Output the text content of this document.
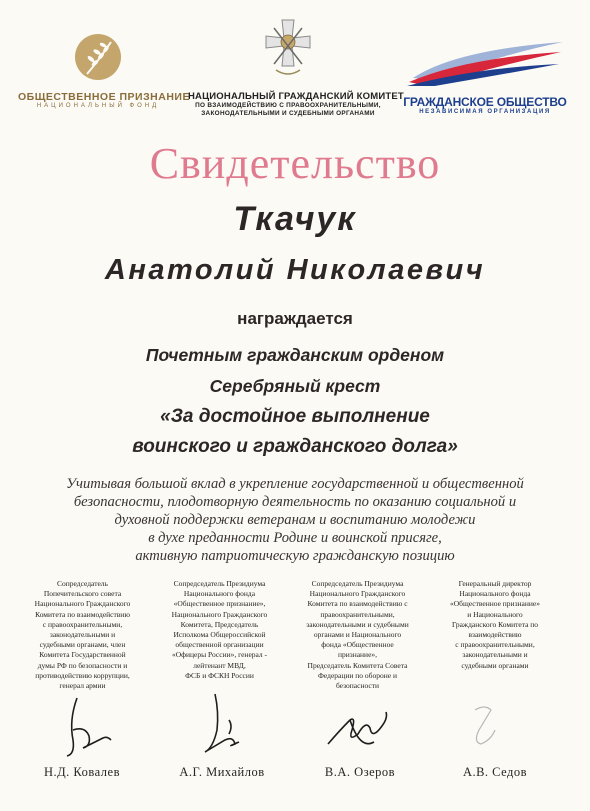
ОБЩЕСТВЕННОЕ ПРИЗНАНИЕ
НАЦИОНАЛЬНЫЙ ФОНД
НАЦИОНАЛЬНЫЙ ГРАЖДАНСКИЙ КОМИТЕТ
ПО ВЗАИМОДЕЙСТВИЮ С ПРАВООХРАНИТЕЛЬНЫМИ,
ЗАКОНОДАТЕЛЬНЫМИ И СУДЕБНЫМИ ОРГАНАМИ
ГРАЖДАНСКОЕ ОБЩЕСТВО
НЕЗАВИСИМАЯ ОРГАНИЗАЦИЯ
Свидетельство
Ткачук
Анатолий Николаевич
награждается
Почетным гражданским орденом
Серебряный крест
«За достойное выполнение
воинского и гражданского долга»
Учитывая большой вклад в укрепление государственной и общественной
безопасности, плодотворную деятельность по оказанию социальной и
духовной поддержки ветеранам и воспитанию молодежи
в духе преданности Родине и воинской присяге,
активную патриотическую гражданскую позицию
Сопредседатель
Попечительского совета
Национального Гражданского
Комитета по взаимодействию
с правоохранительными,
законодательными и
судебными органами, член
Комитета Государственной
думы РФ по безопасности и
противодействию коррупции,
генерал армии
Сопредседатель Президиума
Национального фонда
«Общественное признание»,
Национального Гражданского
Комитета, Председатель
Исполкома Общероссийской
общественной организации
«Офицеры России», генерал -
лейтенант МВД,
ФСБ и ФСКН России
Сопредседатель Президиума
Национального Гражданского
Комитета по взаимодействию с
правоохранительными,
законодательными и судебными
органами и Национального
фонда «Общественное
признание»,
Председатель Комитета Совета
Федерации по обороне и
безопасности
Генеральный директор
Национального фонда
«Общественное признание»
и Национального
Гражданского Комитета по
взаимодействию
с правоохранительными,
законодательными и
судебными органами
Н.Д. Ковалев	А.Г. Михайлов	В.А. Озеров	А.В. Седов
